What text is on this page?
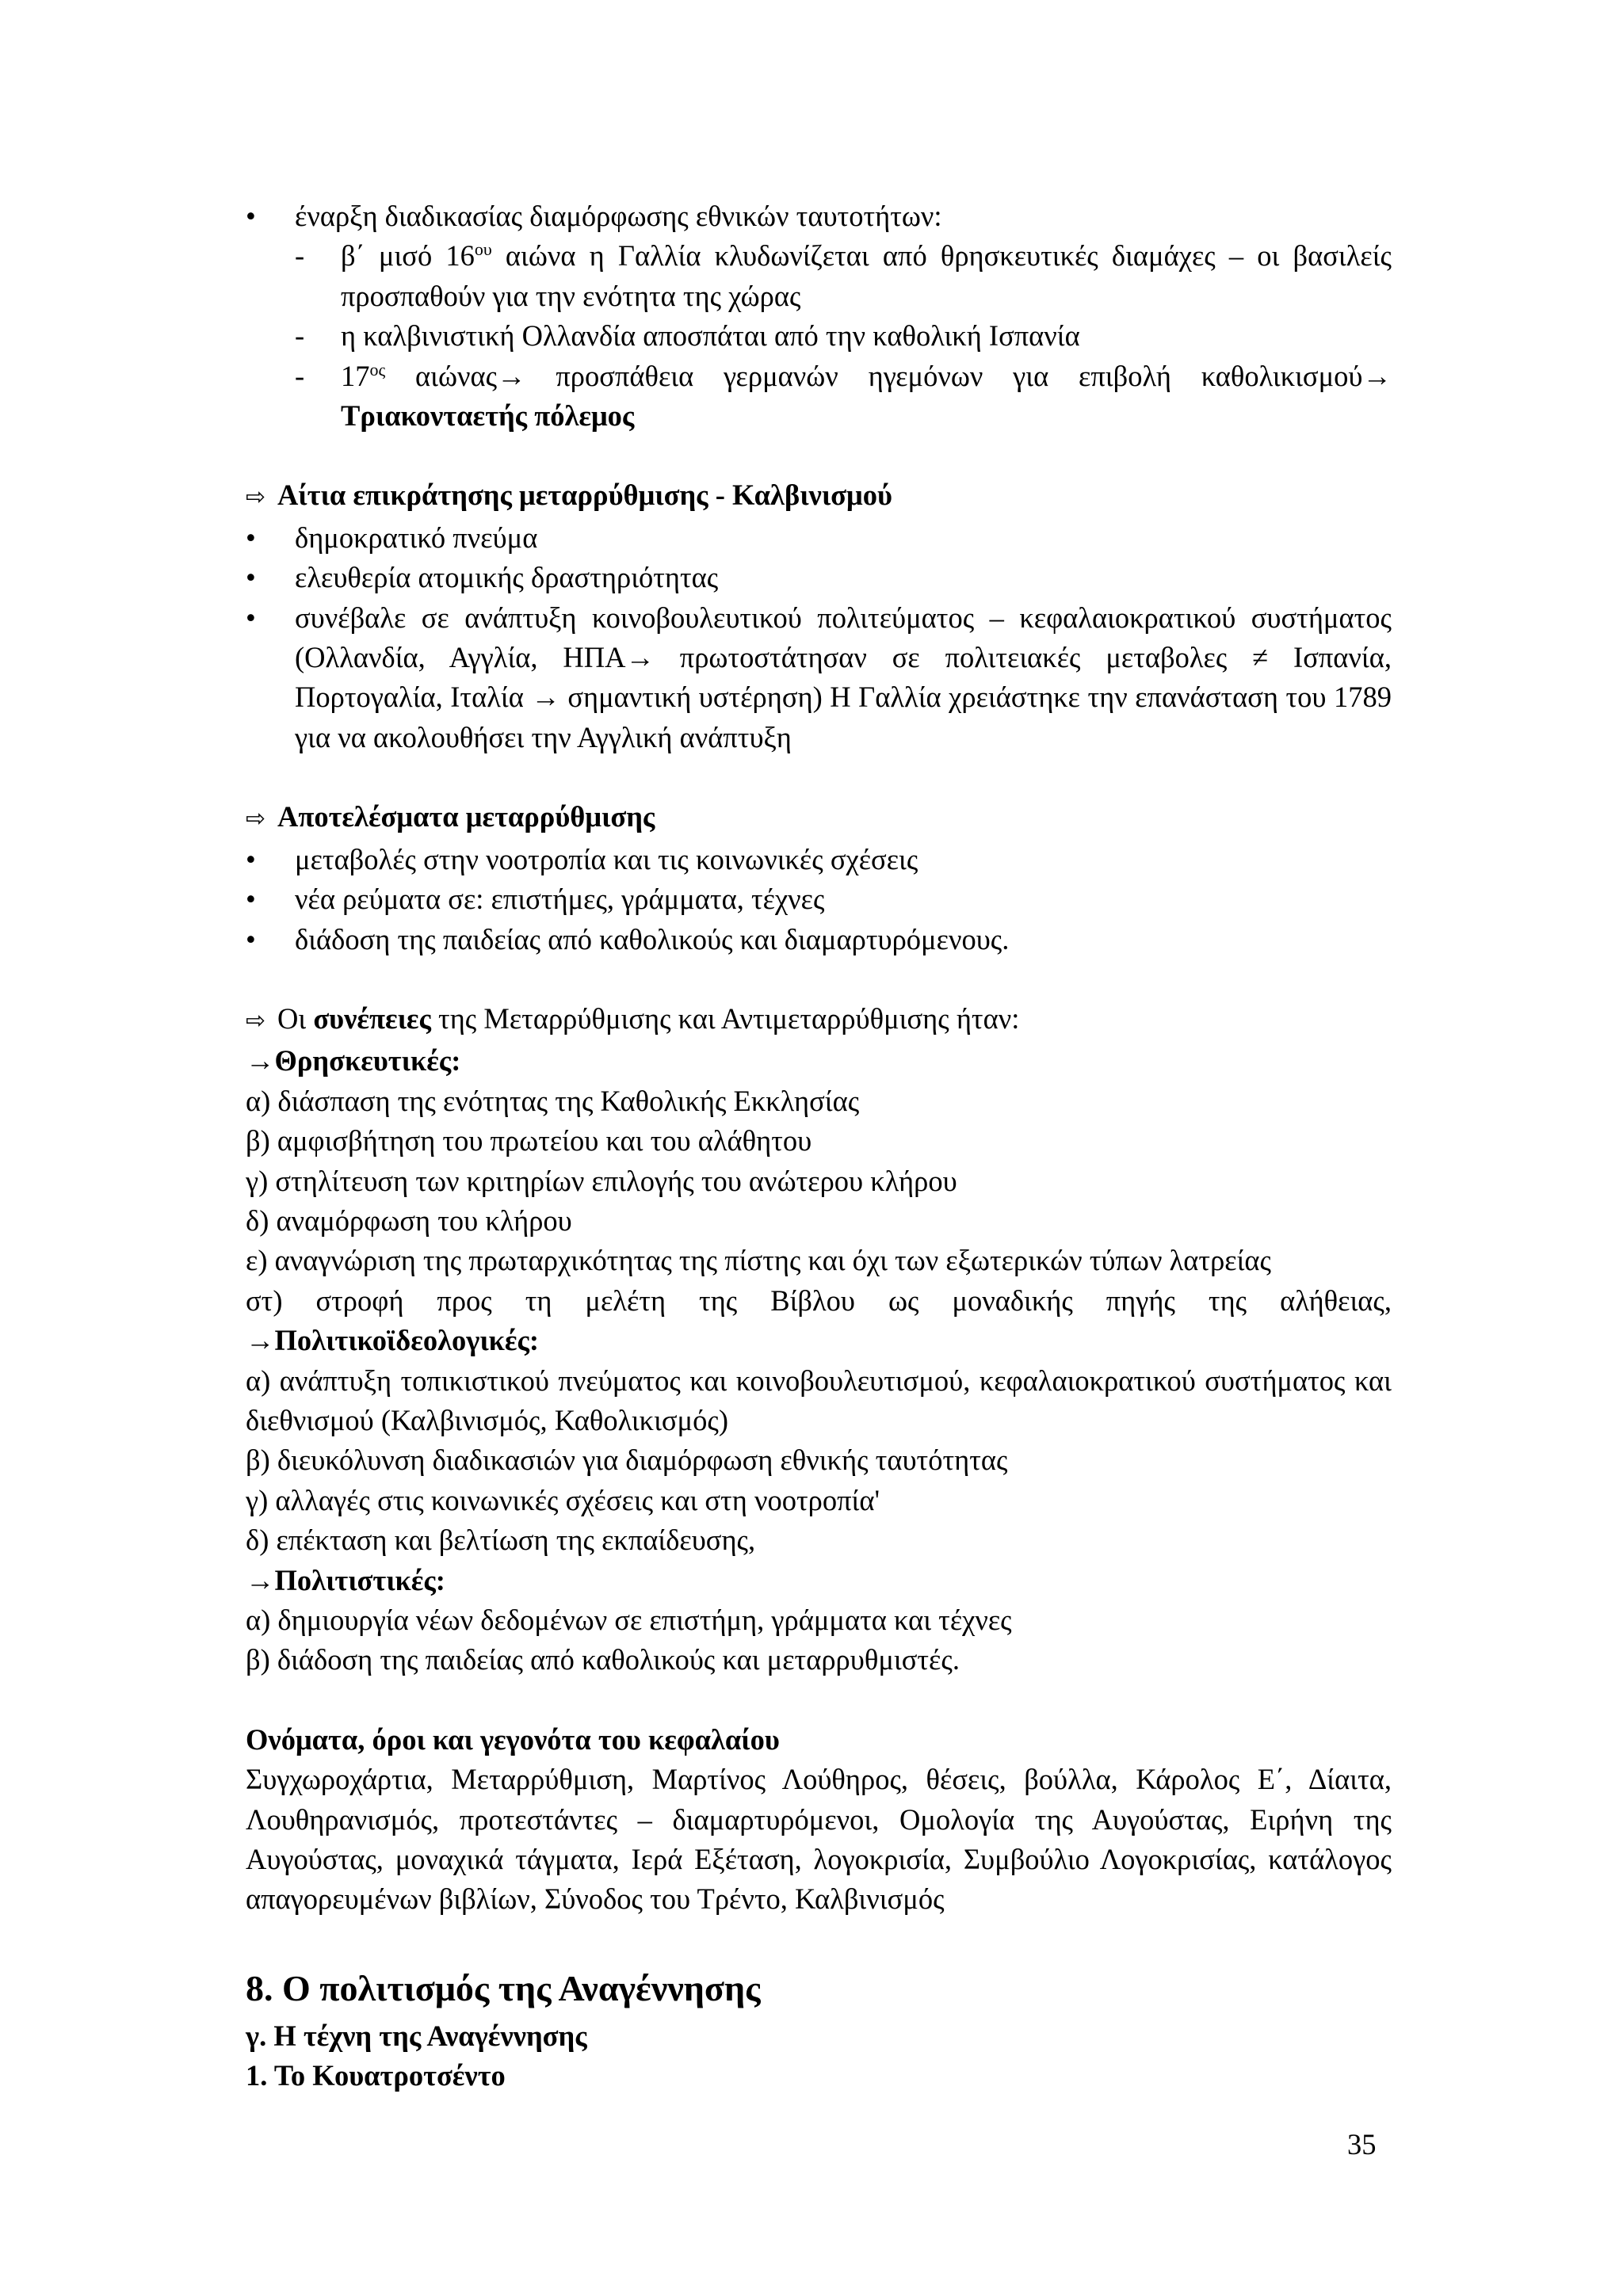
• έναρξη διαδικασίας διαμόρφωσης εθνικών ταυτοτήτων:
- β΄ μισό $16^{o\upsilon}$ αιώνα η Γαλλία κλυδωνίζεται από θρησκευτικές διαμάχες – οι βασιλείς προσπαθούν για την ενότητα της χώρας
- η καλβινιστική Ολλανδία αποσπάται από την καθολική Ισπανία
- $17^{o\varsigma}$ αιώνας→ προσπάθεια γερμανών ηγεμόνων για επιβολή καθολικισμού→ Τριακονταετής πόλεμος
⇨ Αίτια επικράτησης μεταρρύθμισης - Καλβινισμού
• δημοκρατικό πνεύμα
• ελευθερία ατομικής δραστηριότητας
• συνέβαλε σε ανάπτυξη κοινοβουλευτικού πολιτεύματος – κεφαλαιοκρατικού συστήματος (Ολλανδία, Αγγλία, ΗΠΑ→ πρωτοστάτησαν σε πολιτειακές μεταβολες ≠ Ισπανία, Πορτογαλία, Ιταλία → σημαντική υστέρηση) Η Γαλλία χρειάστηκε την επανάσταση του 1789 για να ακολουθήσει την Αγγλική ανάπτυξη
⇨ Αποτελέσματα μεταρρύθμισης
• μεταβολές στην νοοτροπία και τις κοινωνικές σχέσεις
• νέα ρεύματα σε: επιστήμες, γράμματα, τέχνες
• διάδοση της παιδείας από καθολικούς και διαμαρτυρόμενους.
⇨ Οι συνέπειες της Μεταρρύθμισης και Αντιμεταρρύθμισης ήταν:
→Θρησκευτικές:
α) διάσπαση της ενότητας της Καθολικής Εκκλησίας
β) αμφισβήτηση του πρωτείου και του αλάθητου
γ) στηλίτευση των κριτηρίων επιλογής του ανώτερου κλήρου
δ) αναμόρφωση του κλήρου
ε) αναγνώριση της πρωταρχικότητας της πίστης και όχι των εξωτερικών τύπων λατρείας
στ) στροφή προς τη μελέτη της Βίβλου ως μοναδικής πηγής της αλήθειας,
→Πολιτικοϊδεολογικές:
α) ανάπτυξη τοπικιστικού πνεύματος και κοινοβουλευτισμού, κεφαλαιοκρατικού συστήματος και διεθνισμού (Καλβινισμός, Καθολικισμός)
β) διευκόλυνση διαδικασιών για διαμόρφωση εθνικής ταυτότητας
γ) αλλαγές στις κοινωνικές σχέσεις και στη νοοτροπία'
δ) επέκταση και βελτίωση της εκπαίδευσης,
→Πολιτιστικές:
α) δημιουργία νέων δεδομένων σε επιστήμη, γράμματα και τέχνες
β) διάδοση της παιδείας από καθολικούς και μεταρρυθμιστές.
Ονόματα, όροι και γεγονότα του κεφαλαίου
Συγχωροχάρτια, Μεταρρύθμιση, Μαρτίνος Λούθηρος, θέσεις, βούλλα, Κάρολος Ε΄, Δίαιτα, Λουθηρανισμός, προτεστάντες – διαμαρτυρόμενοι, Ομολογία της Αυγούστας, Ειρήνη της Αυγούστας, μοναχικά τάγματα, Ιερά Εξέταση, λογοκρισία, Συμβούλιο Λογοκρισίας, κατάλογος απαγορευμένων βιβλίων, Σύνοδος του Τρέντο, Καλβινισμός
8. Ο πολιτισμός της Αναγέννησης
γ. Η τέχνη της Αναγέννησης
1. Το Κουατροτσέντο
35
